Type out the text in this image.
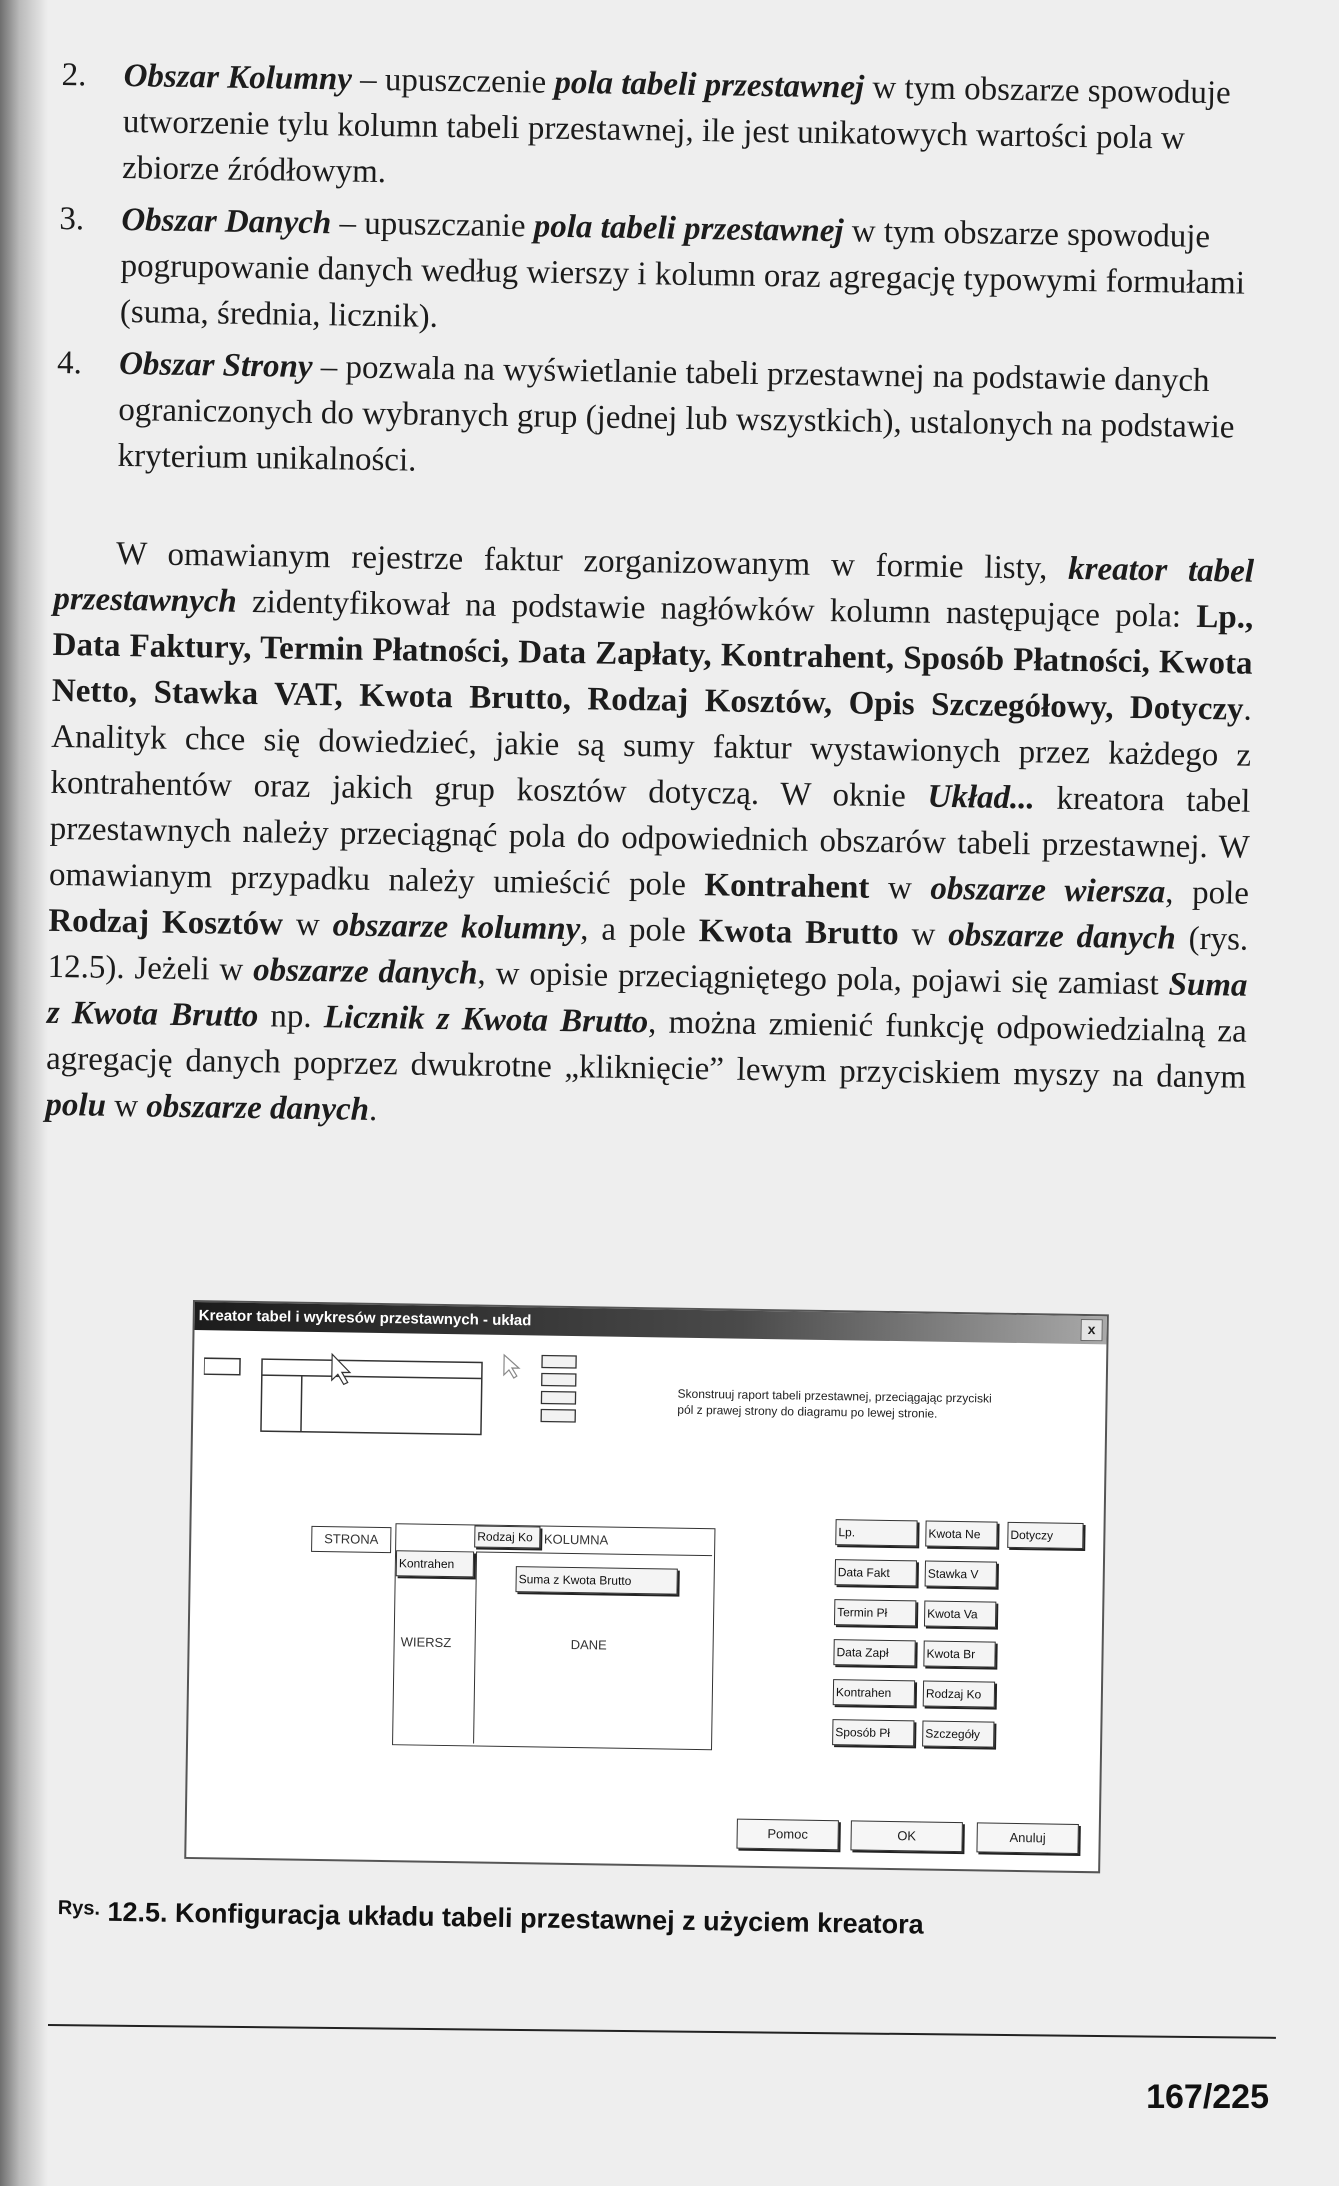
2. Obszar Kolumny – upuszczenie pola tabeli przestawnej w tym obszarze spowoduje utworzenie tylu kolumn tabeli przestawnej, ile jest unikatowych wartości pola w zbiorze źródłowym.
3. Obszar Danych – upuszczanie pola tabeli przestawnej w tym obszarze spowoduje pogrupowanie danych według wierszy i kolumn oraz agregację typowymi formułami (suma, średnia, licznik).
4. Obszar Strony – pozwala na wyświetlanie tabeli przestawnej na podstawie danych ograniczonych do wybranych grup (jednej lub wszystkich), ustalonych na podstawie kryterium unikalności.
W omawianym rejestrze faktur zorganizowanym w formie listy, kreator tabel przestawnych zidentyfikował na podstawie nagłówków kolumn następujące pola: Lp., Data Faktury, Termin Płatności, Data Zapłaty, Kontrahent, Sposób Płatności, Kwota Netto, Stawka VAT, Kwota Brutto, Rodzaj Kosztów, Opis Szczegółowy, Dotyczy. Analityk chce się dowiedzieć, jakie są sumy faktur wystawionych przez każdego z kontrahentów oraz jakich grup kosztów dotyczą. W oknie Układ... kreatora tabel przestawnych należy przeciągnąć pola do odpowiednich obszarów tabeli przestawnej. W omawianym przypadku należy umieścić pole Kontrahent w obszarze wiersza, pole Rodzaj Kosztów w obszarze kolumny, a pole Kwota Brutto w obszarze danych (rys. 12.5). Jeżeli w obszarze danych, w opisie przeciągniętego pola, pojawi się zamiast Suma z Kwota Brutto np. Licznik z Kwota Brutto, można zmienić funkcję odpowiedzialną za agregację danych poprzez dwukrotne „kliknięcie” lewym przyciskiem myszy na danym polu w obszarze danych.
Kreator tabel i wykresów przestawnych - układ	x
Skonstruuj raport tabeli przestawnej, przeciągając przyciski pól z prawej strony do diagramu po lewej stronie.
STRONA	Rodzaj Ko KOLUMNA
Kontrahen
WIERSZ
Suma z Kwota Brutto
DANE
Lp.	Kwota Ne	Dotyczy
Data Fakt	Stawka V
Termin Pł	Kwota Va
Data Zapł	Kwota Br
Kontrahen	Rodzaj Ko
Sposób Pł	Szczegóły
Pomoc	OK	Anuluj
$^{Rys.}$ 12.5. Konfiguracja układu tabeli przestawnej z użyciem kreatora
167/225
